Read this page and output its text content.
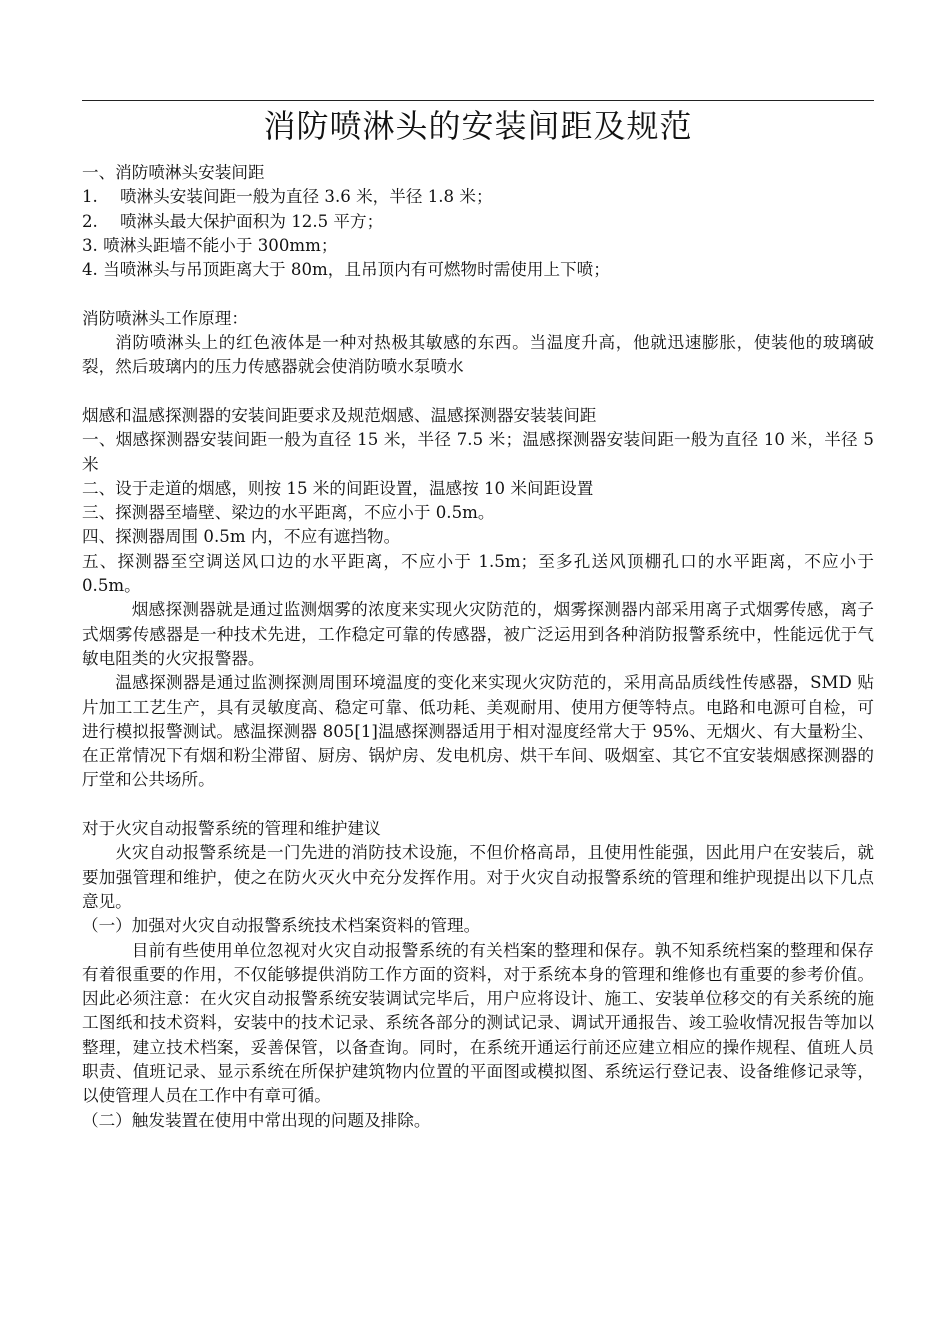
消防喷淋头的安装间距及规范

一、消防喷淋头安装间距

1. 喷淋头安装间距一般为直径 3.6 米，半径 1.8 米；

2. 喷淋头最大保护面积为 12.5 平方；

3. 喷淋头距墙不能小于 300mm；

4. 当喷淋头与吊顶距离大于 80m，且吊顶内有可燃物时需使用上下喷；

消防喷淋头工作原理：

消防喷淋头上的红色液体是一种对热极其敏感的东西。当温度升高，他就迅速膨胀，使装他的玻璃破裂，然后玻璃内的压力传感器就会使消防喷水泵喷水

烟感和温感探测器的安装间距要求及规范烟感、温感探测器安装装间距

一、烟感探测器安装间距一般为直径 15 米，半径 7.5 米；温感探测器安装间距一般为直径 10 米，半径 5 米

二、设于走道的烟感，则按 15 米的间距设置，温感按 10 米间距设置

三、探测器至墙壁、梁边的水平距离，不应小于 0.5m。

四、探测器周围 0.5m 内，不应有遮挡物。

五、探测器至空调送风口边的水平距离，不应小于 1.5m；至多孔送风顶棚孔口的水平距离，不应小于 0.5m。

烟感探测器就是通过监测烟雾的浓度来实现火灾防范的，烟雾探测器内部采用离子式烟雾传感，离子式烟雾传感器是一种技术先进，工作稳定可靠的传感器，被广泛运用到各种消防报警系统中，性能远优于气敏电阻类的火灾报警器。

温感探测器是通过监测探测周围环境温度的变化来实现火灾防范的，采用高品质线性传感器，SMD 贴片加工工艺生产，具有灵敏度高、稳定可靠、低功耗、美观耐用、使用方便等特点。电路和电源可自检，可进行模拟报警测试。感温探测器 805[1]温感探测器适用于相对湿度经常大于 95%、无烟火、有大量粉尘、在正常情况下有烟和粉尘滞留、厨房、锅炉房、发电机房、烘干车间、吸烟室、其它不宜安装烟感探测器的厅堂和公共场所。

对于火灾自动报警系统的管理和维护建议

火灾自动报警系统是一门先进的消防技术设施，不但价格高昂，且使用性能强，因此用户在安装后，就要加强管理和维护，使之在防火灭火中充分发挥作用。对于火灾自动报警系统的管理和维护现提出以下几点意见。

（一）加强对火灾自动报警系统技术档案资料的管理。

目前有些使用单位忽视对火灾自动报警系统的有关档案的整理和保存。孰不知系统档案的整理和保存有着很重要的作用，不仅能够提供消防工作方面的资料，对于系统本身的管理和维修也有重要的参考价值。因此必须注意：在火灾自动报警系统安装调试完毕后，用户应将设计、施工、安装单位移交的有关系统的施工图纸和技术资料，安装中的技术记录、系统各部分的测试记录、调试开通报告、竣工验收情况报告等加以整理，建立技术档案，妥善保管，以备查询。同时，在系统开通运行前还应建立相应的操作规程、值班人员职责、值班记录、显示系统在所保护建筑物内位置的平面图或模拟图、系统运行登记表、设备维修记录等，以使管理人员在工作中有章可循。

（二）触发装置在使用中常出现的问题及排除。
